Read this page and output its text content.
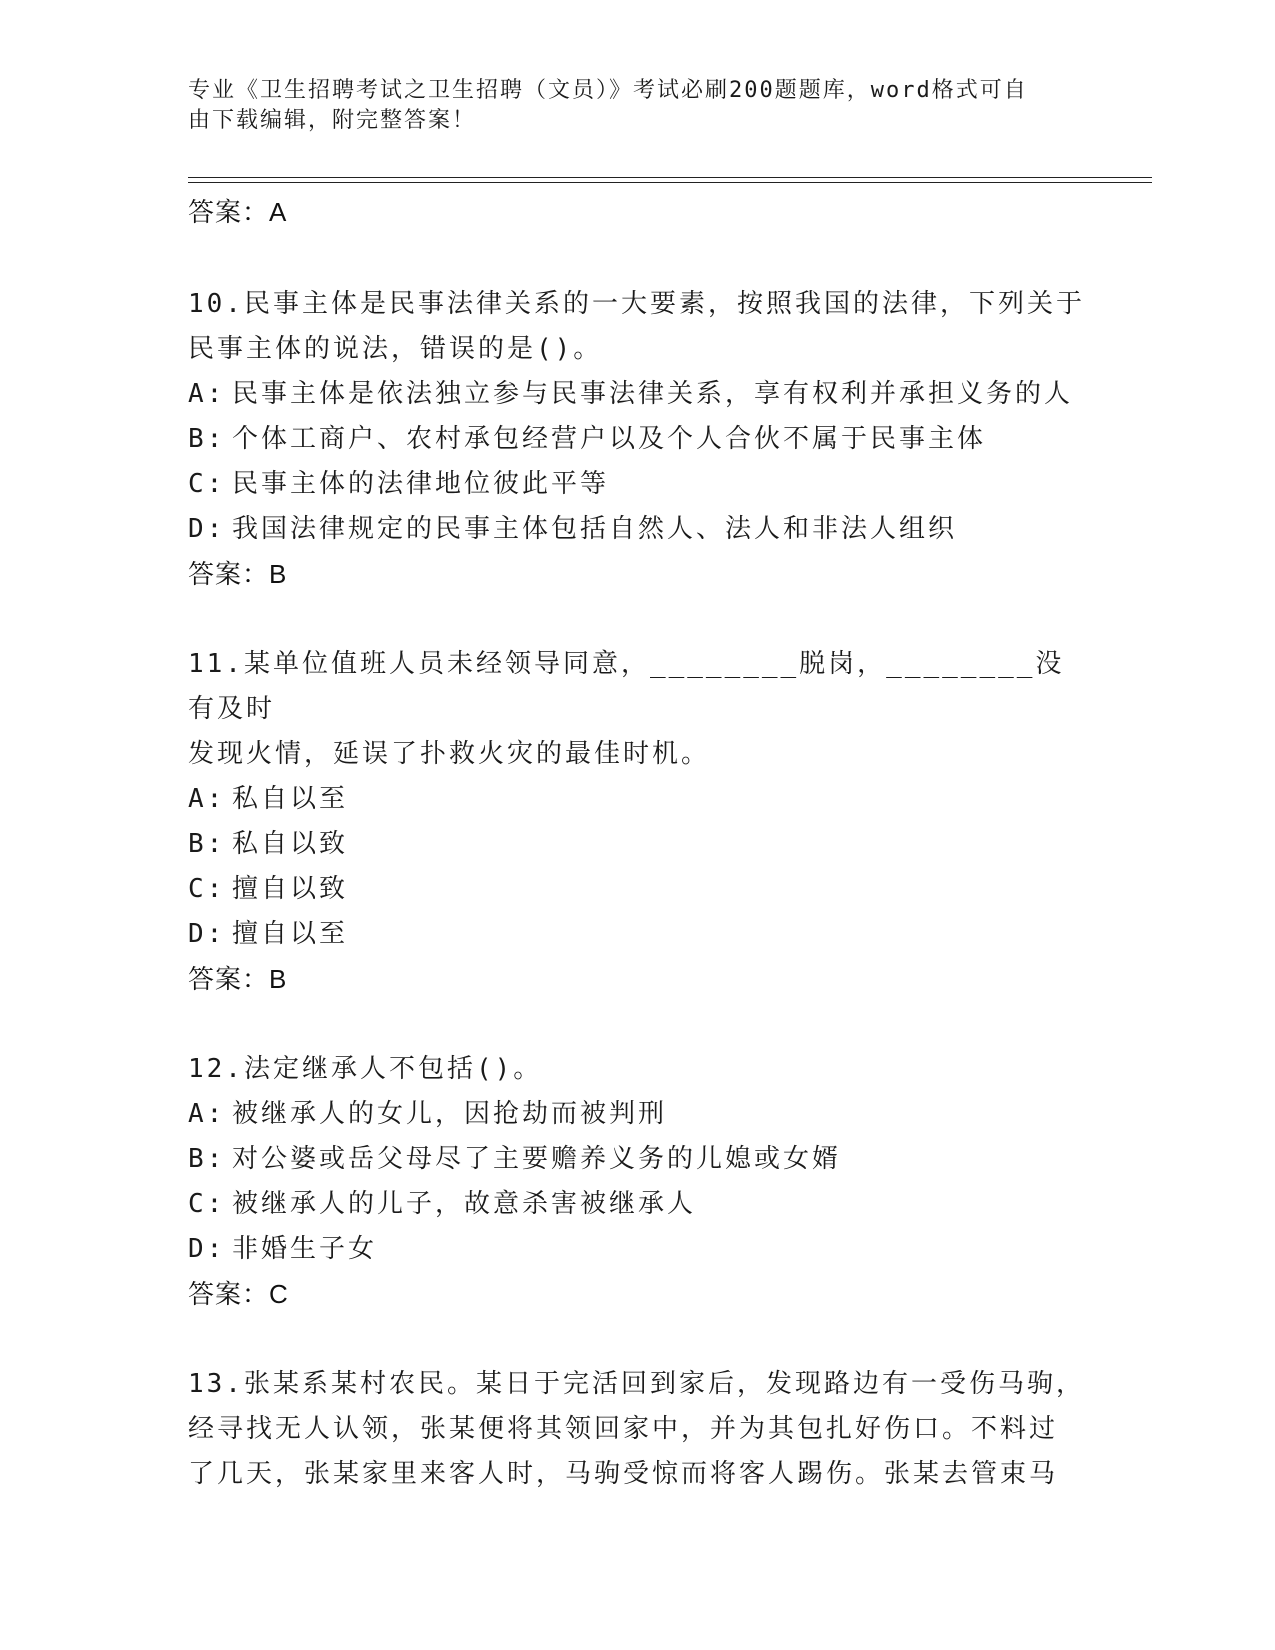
专业《卫生招聘考试之卫生招聘（文员）》考试必刷200题题库，word格式可自
由下载编辑，附完整答案！
答案：A
10.民事主体是民事法律关系的一大要素，按照我国的法律，下列关于
民事主体的说法，错误的是()。
A: 民事主体是依法独立参与民事法律关系，享有权利并承担义务的人
B: 个体工商户、农村承包经营户以及个人合伙不属于民事主体
C: 民事主体的法律地位彼此平等
D: 我国法律规定的民事主体包括自然人、法人和非法人组织
答案：B
11.某单位值班人员未经领导同意，________脱岗，________没有及时
发现火情，延误了扑救火灾的最佳时机。
A: 私自以至
B: 私自以致
C: 擅自以致
D: 擅自以至
答案：B
12.法定继承人不包括()。
A: 被继承人的女儿，因抢劫而被判刑
B: 对公婆或岳父母尽了主要赡养义务的儿媳或女婿
C: 被继承人的儿子，故意杀害被继承人
D: 非婚生子女
答案：C
13.张某系某村农民。某日于完活回到家后，发现路边有一受伤马驹，
经寻找无人认领，张某便将其领回家中，并为其包扎好伤口。不料过
了几天，张某家里来客人时，马驹受惊而将客人踢伤。张某去管束马
